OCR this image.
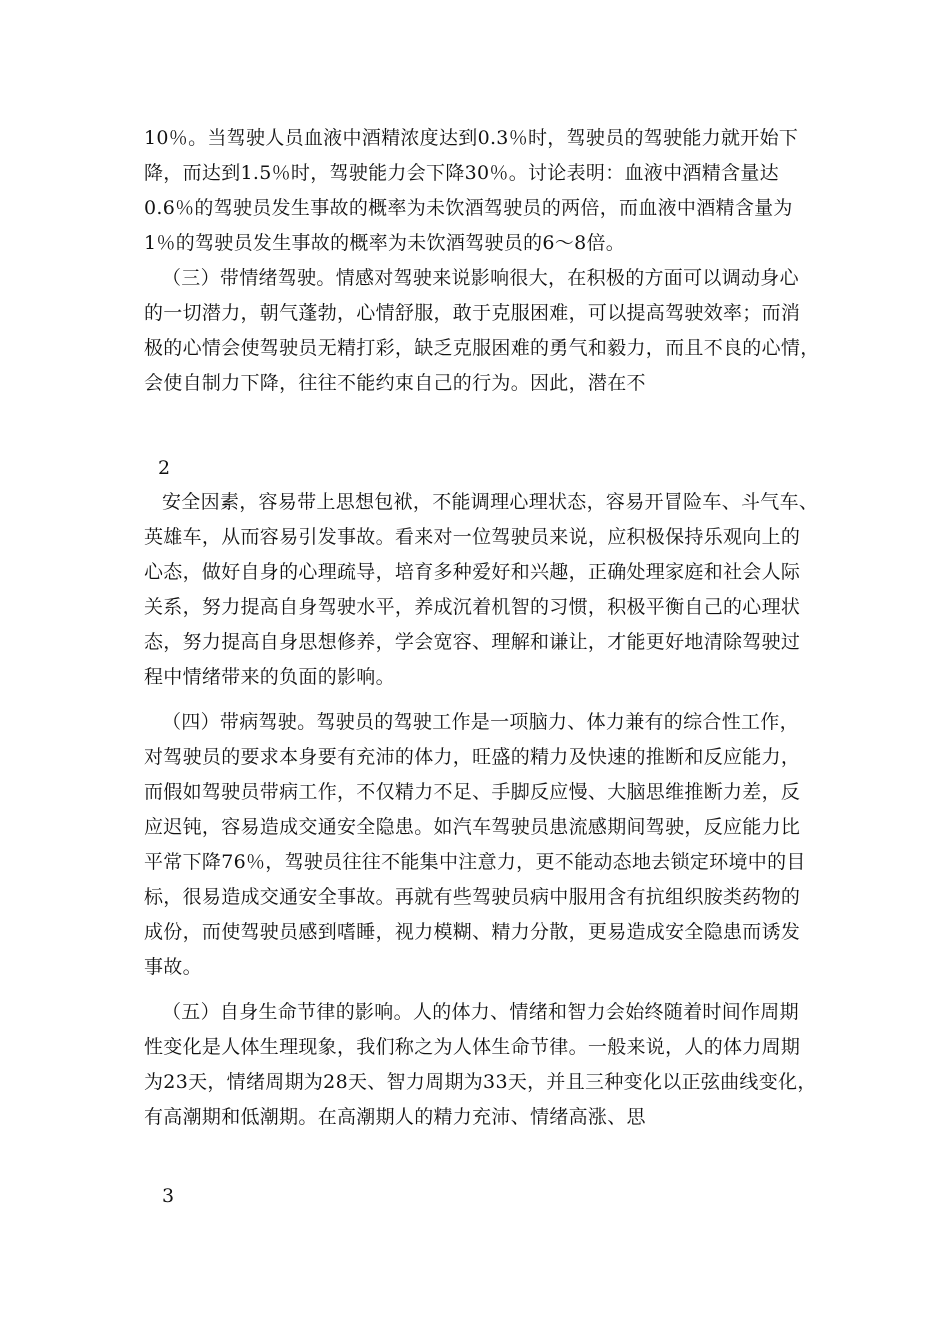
10％。当驾驶人员血液中酒精浓度达到0.3％时，驾驶员的驾驶能力就开始下
降，而达到1.5％时，驾驶能力会下降30％。讨论表明：血液中酒精含量达
0.6％的驾驶员发生事故的概率为未饮酒驾驶员的两倍，而血液中酒精含量为
1％的驾驶员发生事故的概率为未饮酒驾驶员的6～8倍。
（三）带情绪驾驶。情感对驾驶来说影响很大，在积极的方面可以调动身心
的一切潜力，朝气蓬勃，心情舒服，敢于克服困难，可以提高驾驶效率；而消
极的心情会使驾驶员无精打彩，缺乏克服困难的勇气和毅力，而且不良的心情，
会使自制力下降，往往不能约束自己的行为。因此，潜在不
2
安全因素，容易带上思想包袱，不能调理心理状态，容易开冒险车、斗气车、
英雄车，从而容易引发事故。看来对一位驾驶员来说，应积极保持乐观向上的
心态，做好自身的心理疏导，培育多种爱好和兴趣，正确处理家庭和社会人际
关系，努力提高自身驾驶水平，养成沉着机智的习惯，积极平衡自己的心理状
态，努力提高自身思想修养，学会宽容、理解和谦让，才能更好地清除驾驶过
程中情绪带来的负面的影响。
（四）带病驾驶。驾驶员的驾驶工作是一项脑力、体力兼有的综合性工作，
对驾驶员的要求本身要有充沛的体力，旺盛的精力及快速的推断和反应能力，
而假如驾驶员带病工作，不仅精力不足、手脚反应慢、大脑思维推断力差，反
应迟钝，容易造成交通安全隐患。如汽车驾驶员患流感期间驾驶，反应能力比
平常下降76％，驾驶员往往不能集中注意力，更不能动态地去锁定环境中的目
标，很易造成交通安全事故。再就有些驾驶员病中服用含有抗组织胺类药物的
成份，而使驾驶员感到嗜睡，视力模糊、精力分散，更易造成安全隐患而诱发
事故。
（五）自身生命节律的影响。人的体力、情绪和智力会始终随着时间作周期
性变化是人体生理现象，我们称之为人体生命节律。一般来说，人的体力周期
为23天，情绪周期为28天、智力周期为33天，并且三种变化以正弦曲线变化，
有高潮期和低潮期。在高潮期人的精力充沛、情绪高涨、思
3
